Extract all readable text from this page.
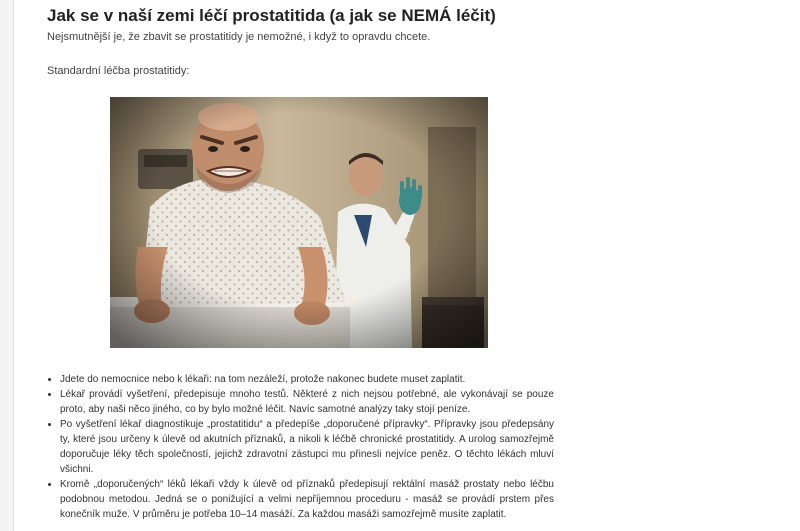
Jak se v naší zemi léčí prostatitida (a jak se NEMÁ léčit)

Nejsmutnější je, že zbavit se prostatitidy je nemožné, i když to opravdu chcete.

Standardní léčba prostatitidy:

• Jdete do nemocnice nebo k lékaři: na tom nezáleží, protože nakonec budete muset zaplatit.
• Lékař provádí vyšetření, předepisuje mnoho testů. Některé z nich nejsou potřebné, ale vykonávají se pouze proto, aby naši něco jiného, co by bylo možné léčit. Navíc samotné analýzy taky stojí peníze.
• Po vyšetření lékař diagnostikuje „prostatitidu“ a předepíše „doporučené přípravky“. Přípravky jsou předepsány ty, které jsou určeny k úlevě od akutních příznaků, a nikoli k léčbě chronické prostatitidy. A urolog samozřejmě doporučuje léky těch společností, jejichž zdravotní zástupci mu přinesli nejvíce peněz. O těchto lékách mluví všichni.
• Kromě „doporučených“ léků lékaři vždy k úlevě od příznaků předepisují rektální masáž prostaty nebo léčbu podobnou metodou. Jedná se o ponižující a velmi nepříjemnou proceduru - masáž se provádí prstem přes konečník muže. V průměru je potřeba 10–14 masáží. Za každou masáži samozřejmě musíte zaplatit.
